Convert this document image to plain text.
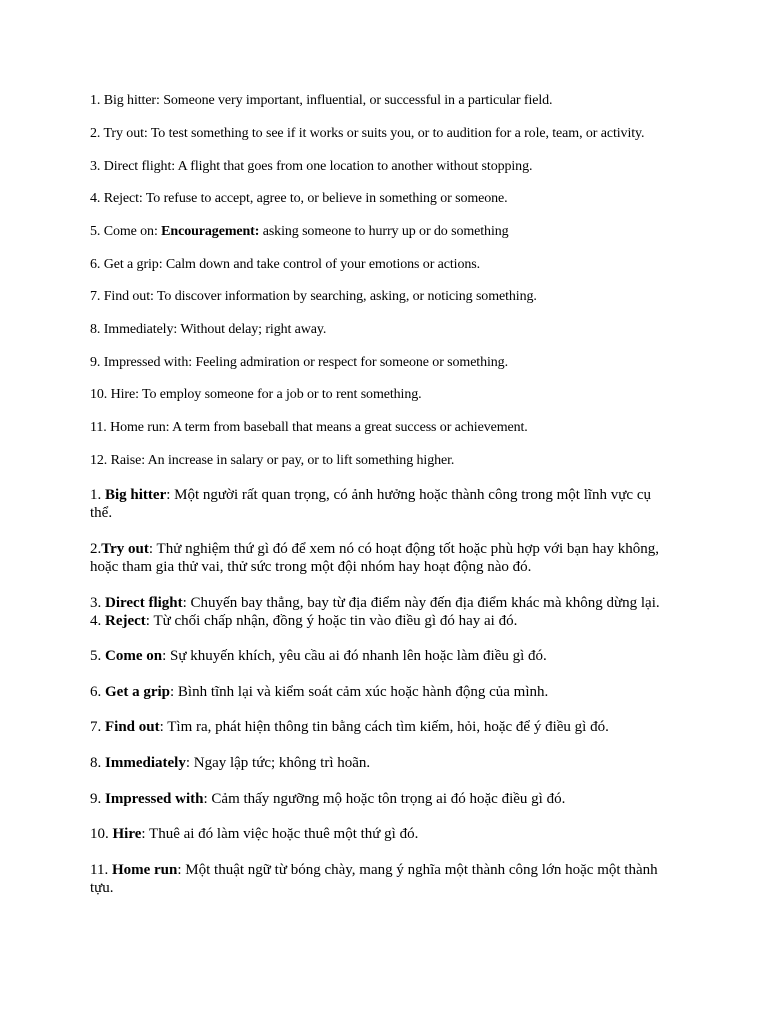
1. Big hitter: Someone very important, influential, or successful in a particular field.
2. Try out: To test something to see if it works or suits you, or to audition for a role, team, or activity.
3. Direct flight: A flight that goes from one location to another without stopping.
4. Reject: To refuse to accept, agree to, or believe in something or someone.
5. Come on: Encouragement: asking someone to hurry up or do something
6. Get a grip: Calm down and take control of your emotions or actions.
7. Find out: To discover information by searching, asking, or noticing something.
8. Immediately: Without delay; right away.
9. Impressed with: Feeling admiration or respect for someone or something.
10. Hire: To employ someone for a job or to rent something.
11. Home run: A term from baseball that means a great success or achievement.
12. Raise: An increase in salary or pay, or to lift something higher.
1. Big hitter: Một người rất quan trọng, có ảnh hưởng hoặc thành công trong một lĩnh vực cụ thể.
2.Try out: Thử nghiệm thứ gì đó để xem nó có hoạt động tốt hoặc phù hợp với bạn hay không, hoặc tham gia thử vai, thử sức trong một đội nhóm hay hoạt động nào đó.
3. Direct flight: Chuyến bay thẳng, bay từ địa điểm này đến địa điểm khác mà không dừng lại.
4. Reject: Từ chối chấp nhận, đồng ý hoặc tin vào điều gì đó hay ai đó.
5. Come on: Sự khuyến khích, yêu cầu ai đó nhanh lên hoặc làm điều gì đó.
6. Get a grip: Bình tĩnh lại và kiểm soát cảm xúc hoặc hành động của mình.
7. Find out: Tìm ra, phát hiện thông tin bằng cách tìm kiếm, hỏi, hoặc để ý điều gì đó.
8. Immediately: Ngay lập tức; không trì hoãn.
9. Impressed with: Cảm thấy ngưỡng mộ hoặc tôn trọng ai đó hoặc điều gì đó.
10. Hire: Thuê ai đó làm việc hoặc thuê một thứ gì đó.
11. Home run: Một thuật ngữ từ bóng chày, mang ý nghĩa một thành công lớn hoặc một thành tựu.
